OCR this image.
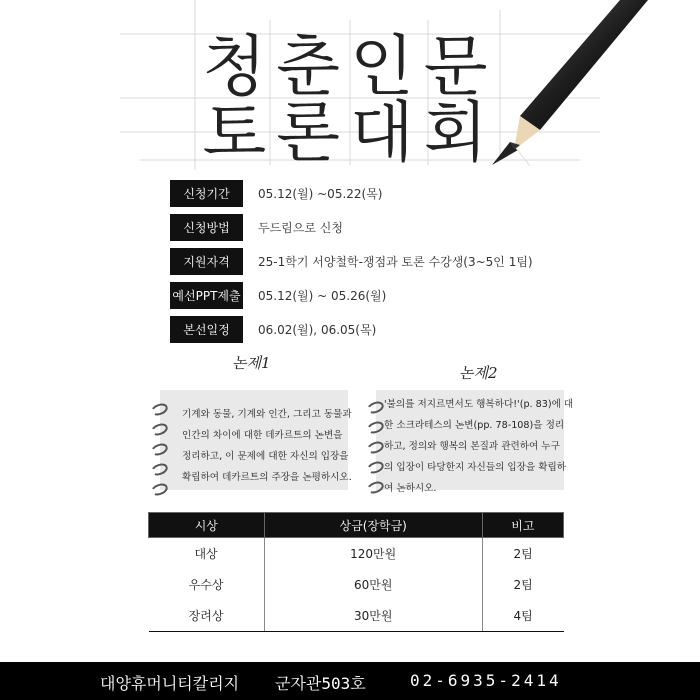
청춘인문
토론대회
신청기간	05.12(월) ~05.22(목)
신청방법	두드림으로 신청
지원자격	25-1학기 서양철학-쟁점과 토론 수강생(3~5인 1팀)
예선PPT제출 05.12(월) ~ 05.26(월)
본선일정	06.02(월), 06.05(목)
논제1
논제2

기계와 동물, 기계와 인간, 그리고 동물과

인간의 차이에 대한 데카르트의 논변을

정리하고, 이 문제에 대한 자신의 입장을

확립하여 데카르트의 주장을 논평하시오.

'불의를 저지르면서도 행복하다!'(p. 83)에 대

한 소크라테스의 논변(pp. 78-108)을 정리

하고, 정의와 행복의 본질과 관련하여 누구

의 입장이 타당한지 자신들의 입장을 확립하

여 논하시오.

시상	상금(장학금)	비고
대상	120만원	2팀
우수상	60만원	2팀
장려상	30만원	4팀
대양휴머니티칼리지 군자관503호	02-6935-2414
